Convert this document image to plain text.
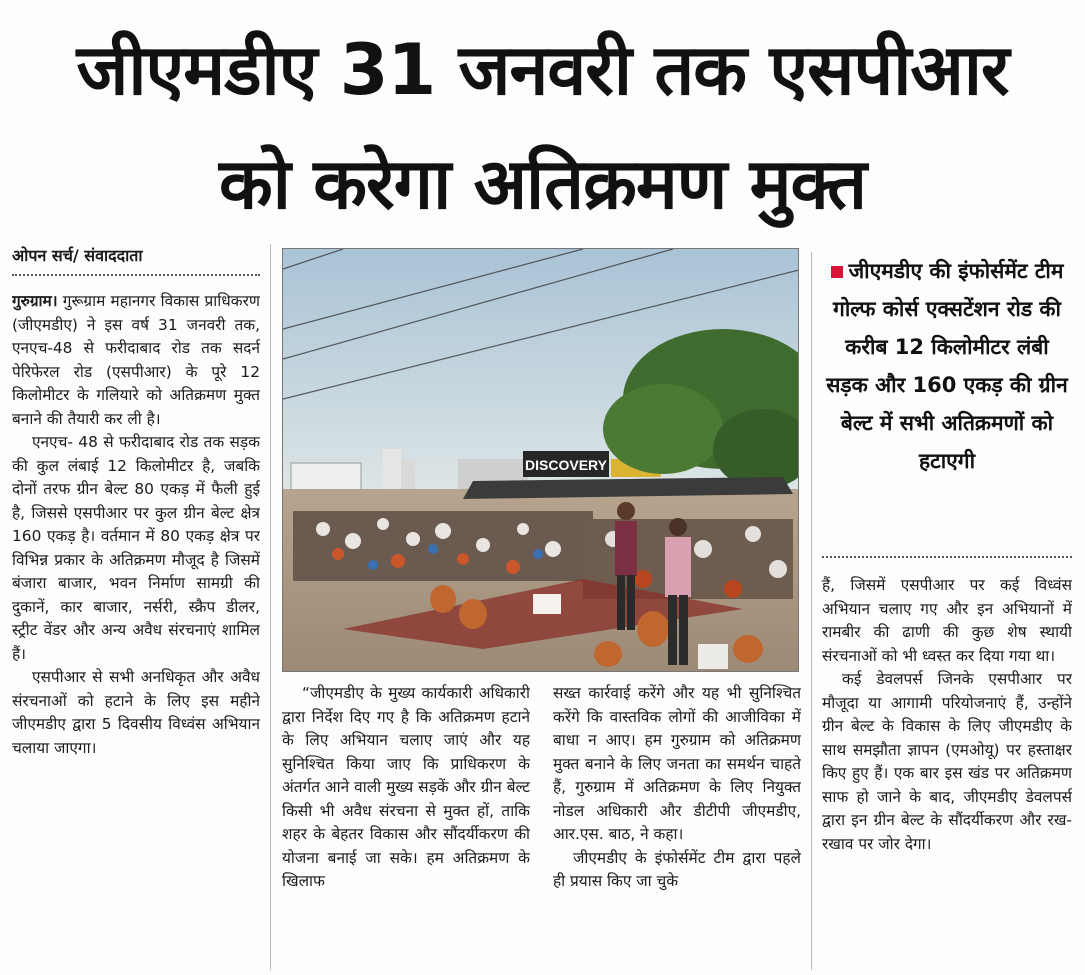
जीएमडीए 31 जनवरी तक एसपीआर
को करेगा अतिक्रमण मुक्त
ओपन सर्च/ संवाददाता

गुरुग्राम। गुरूग्राम महानगर विकास प्राधिकरण (जीएमडीए) ने इस वर्ष 31 जनवरी तक, एनएच-48 से फरीदाबाद रोड तक सदर्न पेरिफेरल रोड (एसपीआर) के पूरे 12 किलोमीटर के गलियारे को अतिक्रमण मुक्त बनाने की तैयारी कर ली है।

एनएच- 48 से फरीदाबाद रोड तक सड़क की कुल लंबाई 12 किलोमीटर है, जबकि दोनों तरफ ग्रीन बेल्ट 80 एकड़ में फैली हुई है, जिससे एसपीआर पर कुल ग्रीन बेल्ट क्षेत्र 160 एकड़ है। वर्तमान में 80 एकड़ क्षेत्र पर विभिन्न प्रकार के अतिक्रमण मौजूद है जिसमें बंजारा बाजार, भवन निर्माण सामग्री की दुकानें, कार बाजार, नर्सरी, स्क्रैप डीलर, स्ट्रीट वेंडर और अन्य अवैध संरचनाएं शामिल हैं।

एसपीआर से सभी अनधिकृत और अवैध संरचनाओं को हटाने के लिए इस महीने जीएमडीए द्वारा 5 दिवसीय विध्वंस अभियान चलाया जाएगा।

DISCOVERY
जीएमडीए की इंफोर्समेंट टीम गोल्फ कोर्स एक्सटेंशन रोड की करीब 12 किलोमीटर लंबी सड़क और 160 एकड़ की ग्रीन बेल्ट में सभी अतिक्रमणों को हटाएगी

“जीएमडीए के मुख्य कार्यकारी अधिकारी द्वारा निर्देश दिए गए है कि अतिक्रमण हटाने के लिए अभियान चलाए जाएं और यह सुनिश्चित किया जाए कि प्राधिकरण के अंतर्गत आने वाली मुख्य सड़कें और ग्रीन बेल्ट किसी भी अवैध संरचना से मुक्त हों, ताकि शहर के बेहतर विकास और सौंदर्यीकरण की योजना बनाई जा सके। हम अतिक्रमण के खिलाफ

सख्त कार्रवाई करेंगे और यह भी सुनिश्चित करेंगे कि वास्तविक लोगों की आजीविका में बाधा न आए। हम गुरुग्राम को अतिक्रमण मुक्त बनाने के लिए जनता का समर्थन चाहते हैं, गुरुग्राम में अतिक्रमण के लिए नियुक्त नोडल अधिकारी और डीटीपी जीएमडीए, आर.एस. बाठ, ने कहा।

जीएमडीए के इंफोर्समेंट टीम द्वारा पहले ही प्रयास किए जा चुके

हैं, जिसमें एसपीआर पर कई विध्वंस अभियान चलाए गए और इन अभियानों में रामबीर की ढाणी की कुछ शेष स्थायी संरचनाओं को भी ध्वस्त कर दिया गया था।

कई डेवलपर्स जिनके एसपीआर पर मौजूदा या आगामी परियोजनाएं हैं, उन्होंने ग्रीन बेल्ट के विकास के लिए जीएमडीए के साथ समझौता ज्ञापन (एमओयू) पर हस्ताक्षर किए हुए हैं। एक बार इस खंड पर अतिक्रमण साफ हो जाने के बाद, जीएमडीए डेवलपर्स द्वारा इन ग्रीन बेल्ट के सौंदर्यीकरण और रख-रखाव पर जोर देगा।
